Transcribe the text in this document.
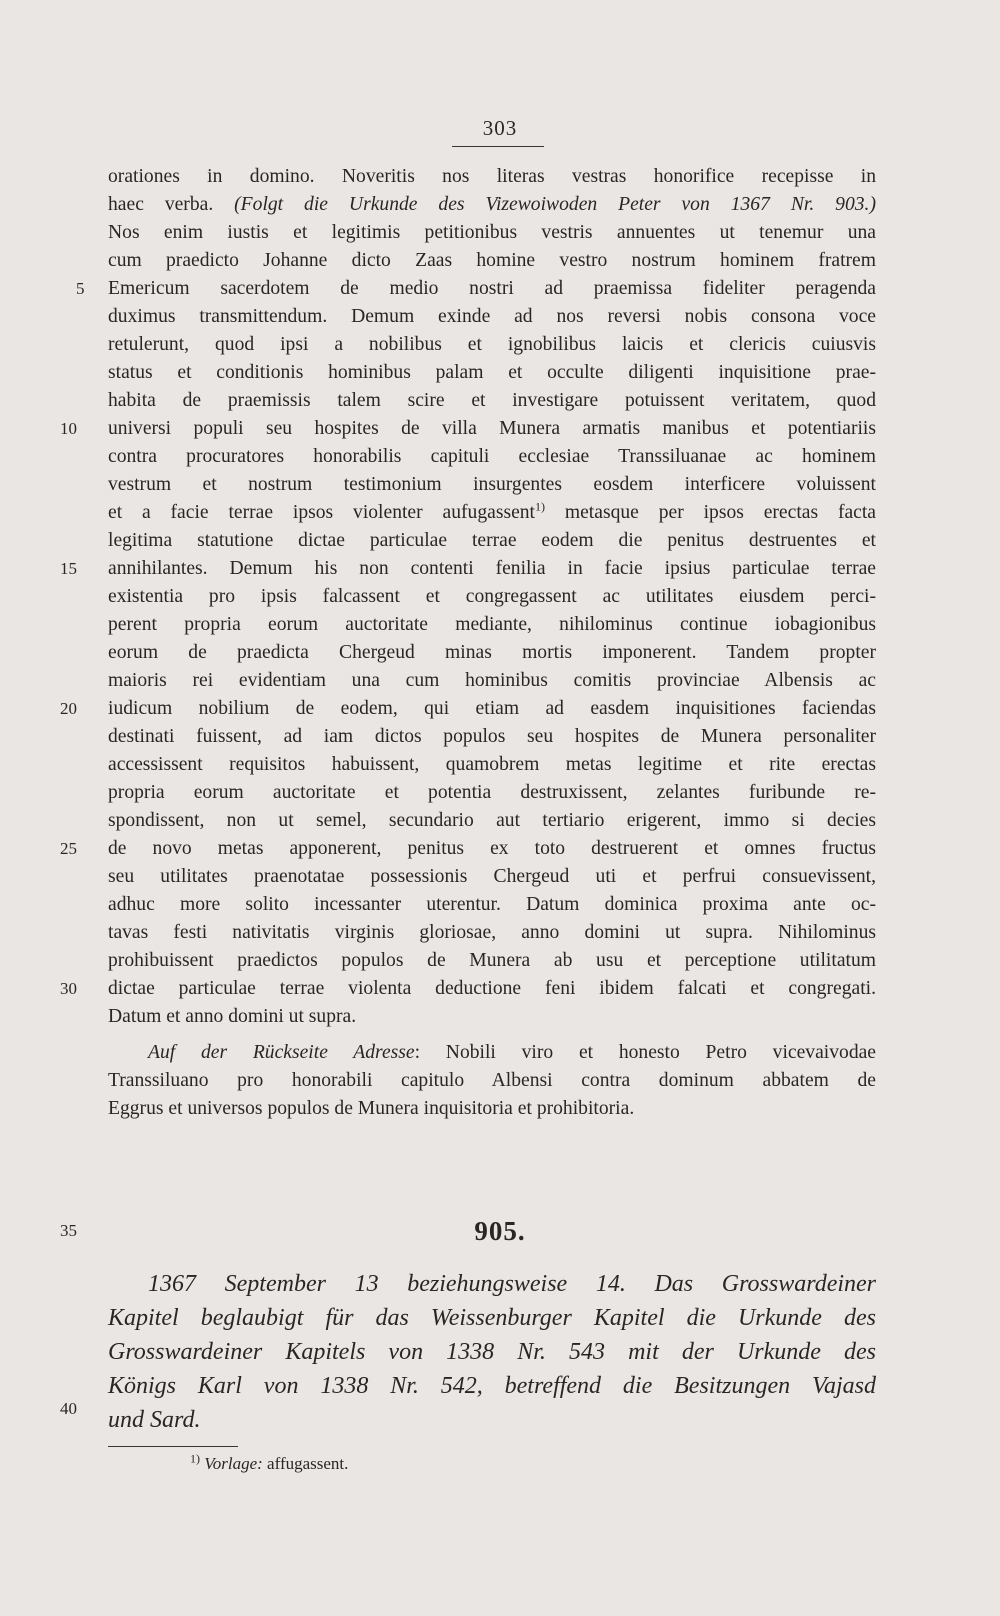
303
orationes in domino. Noveritis nos literas vestras honorifice recepisse in
haec verba. (Folgt die Urkunde des Vizewoiwoden Peter von 1367 Nr. 903.)
Nos enim iustis et legitimis petitionibus vestris annuentes ut tenemur una
cum praedicto Johanne dicto Zaas homine vestro nostrum hominem fratrem
Emericum sacerdotem de medio nostri ad praemissa fideliter peragenda
duximus transmittendum. Demum exinde ad nos reversi nobis consona voce
retulerunt, quod ipsi a nobilibus et ignobilibus laicis et clericis cuiusvis
status et conditionis hominibus palam et occulte diligenti inquisitione prae-
habita de praemissis talem scire et investigare potuissent veritatem, quod
universi populi seu hospites de villa Munera armatis manibus et potentiariis
contra procuratores honorabilis capituli ecclesiae Transsiluanae ac hominem
vestrum et nostrum testimonium insurgentes eosdem interficere voluissent
et a facie terrae ipsos violenter aufugassent$^{1)}$ metasque per ipsos erectas facta
legitima statutione dictae particulae terrae eodem die penitus destruentes et
annihilantes. Demum his non contenti fenilia in facie ipsius particulae terrae
existentia pro ipsis falcassent et congregassent ac utilitates eiusdem perci-
perent propria eorum auctoritate mediante, nihilominus continue iobagionibus
eorum de praedicta Chergeud minas mortis imponerent. Tandem propter
maioris rei evidentiam una cum hominibus comitis provinciae Albensis ac
iudicum nobilium de eodem, qui etiam ad easdem inquisitiones faciendas
destinati fuissent, ad iam dictos populos seu hospites de Munera personaliter
accessissent requisitos habuissent, quamobrem metas legitime et rite erectas
propria eorum auctoritate et potentia destruxissent, zelantes furibunde re-
spondissent, non ut semel, secundario aut tertiario erigerent, immo si decies
de novo metas apponerent, penitus ex toto destruerent et omnes fructus
seu utilitates praenotatae possessionis Chergeud uti et perfrui consuevissent,
adhuc more solito incessanter uterentur. Datum dominica proxima ante oc-
tavas festi nativitatis virginis gloriosae, anno domini ut supra. Nihilominus
prohibuissent praedictos populos de Munera ab usu et perceptione utilitatum
dictae particulae terrae violenta deductione feni ibidem falcati et congregati.
Datum et anno domini ut supra.
Auf der Rückseite Adresse: Nobili viro et honesto Petro vicevaivodae
Transsiluano pro honorabili capitulo Albensi contra dominum abbatem de
Eggrus et universos populos de Munera inquisitoria et prohibitoria.
5
10
15
20
25
30
35
40
905.
1367 September 13 beziehungsweise 14. Das Grosswardeiner
Kapitel beglaubigt für das Weissenburger Kapitel die Urkunde des
Grosswardeiner Kapitels von 1338 Nr. 543 mit der Urkunde des
Königs Karl von 1338 Nr. 542, betreffend die Besitzungen Vajasd
und Sard.
$^{1)}$ Vorlage: affugassent.
